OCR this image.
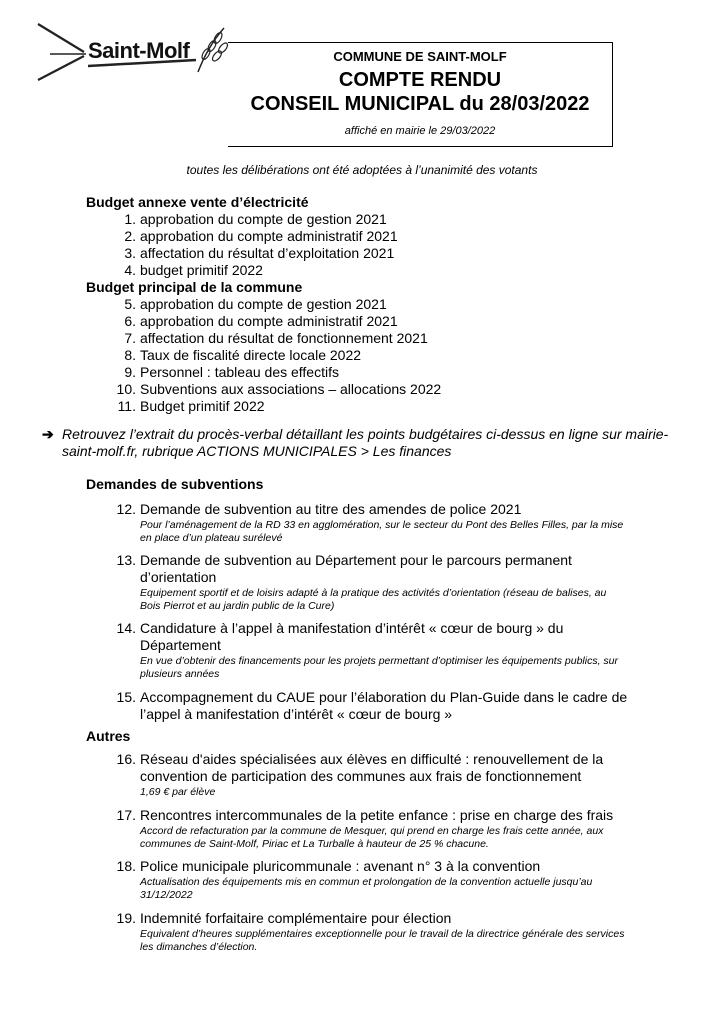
Saint-Molf	COMMUNE DE SAINT-MOLF
COMPTE RENDU
CONSEIL MUNICIPAL du 28/03/2022
affiché en mairie le 29/03/2022
toutes les délibérations ont été adoptées à l’unanimité des votants
Budget annexe vente d’électricité
1. approbation du compte de gestion 2021
2. approbation du compte administratif 2021
3. affectation du résultat d’exploitation 2021
4. budget primitif 2022
Budget principal de la commune
5. approbation du compte de gestion 2021
6. approbation du compte administratif 2021
7. affectation du résultat de fonctionnement 2021
8. Taux de fiscalité directe locale 2022
9. Personnel : tableau des effectifs
10. Subventions aux associations – allocations 2022
11. Budget primitif 2022
➔ Retrouvez l’extrait du procès-verbal détaillant les points budgétaires ci-dessus en ligne sur mairie-saint-molf.fr, rubrique ACTIONS MUNICIPALES > Les finances
Demandes de subventions
12. Demande de subvention au titre des amendes de police 2021
Pour l’aménagement de la RD 33 en agglomération, sur le secteur du Pont des Belles Filles, par la mise en place d’un plateau surélevé
13. Demande de subvention au Département pour le parcours permanent d’orientation
Equipement sportif et de loisirs adapté à la pratique des activités d’orientation (réseau de balises, au Bois Pierrot et au jardin public de la Cure)
14. Candidature à l’appel à manifestation d’intérêt « cœur de bourg » du Département
En vue d’obtenir des financements pour les projets permettant d’optimiser les équipements publics, sur plusieurs années
15. Accompagnement du CAUE pour l’élaboration du Plan-Guide dans le cadre de l’appel à manifestation d’intérêt « cœur de bourg »
Autres
16. Réseau d'aides spécialisées aux élèves en difficulté : renouvellement de la convention de participation des communes aux frais de fonctionnement
1,69 € par élève
17. Rencontres intercommunales de la petite enfance : prise en charge des frais
Accord de refacturation par la commune de Mesquer, qui prend en charge les frais cette année, aux communes de Saint-Molf, Piriac et La Turballe à hauteur de 25 % chacune.
18. Police municipale pluricommunale : avenant n° 3 à la convention
Actualisation des équipements mis en commun et prolongation de la convention actuelle jusqu’au 31/12/2022
19. Indemnité forfaitaire complémentaire pour élection
Equivalent d’heures supplémentaires exceptionnelle pour le travail de la directrice générale des services les dimanches d’élection.
